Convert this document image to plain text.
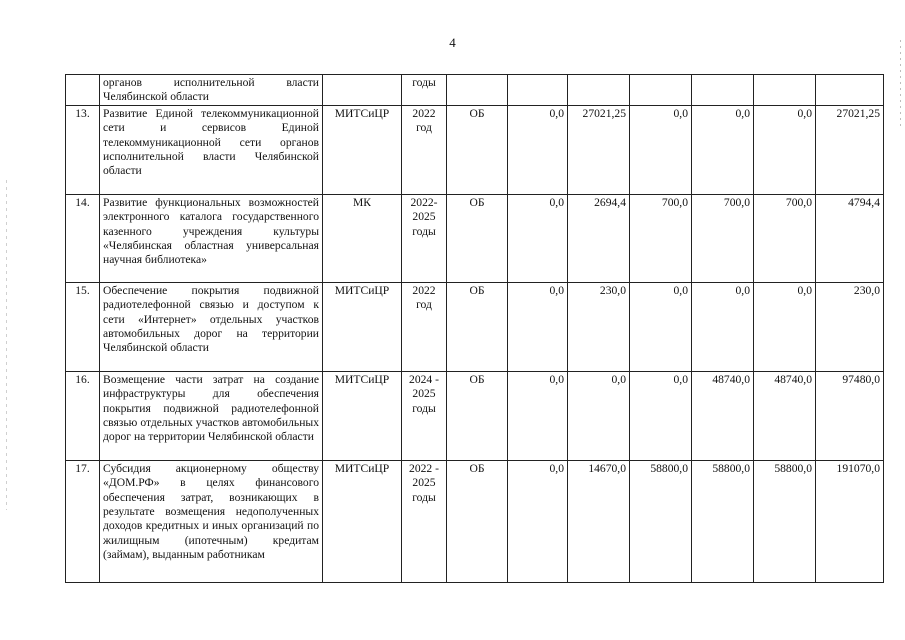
4
	органов исполнительной власти Челябинской области		годы							
13.	Развитие Единой телекоммуникационной сети и сервисов Единой телекоммуникационной сети органов исполнительной власти Челябинской области	МИТСиЦР	2022 год	ОБ	0,0	27021,25	0,0	0,0	0,0	27021,25
14.	Развитие функциональных возможностей электронного каталога государственного казенного учреждения культуры «Челябинская областная универсальная научная библиотека»	МК	2022-2025 годы	ОБ	0,0	2694,4	700,0	700,0	700,0	4794,4
15.	Обеспечение покрытия подвижной радиотелефонной связью и доступом к сети «Интернет» отдельных участков автомобильных дорог на территории Челябинской области	МИТСиЦР	2022 год	ОБ	0,0	230,0	0,0	0,0	0,0	230,0
16.	Возмещение части затрат на создание инфраструктуры для обеспечения покрытия подвижной радиотелефонной связью отдельных участков автомобильных дорог на территории Челябинской области	МИТСиЦР	2024 - 2025 годы	ОБ	0,0	0,0	0,0	48740,0	48740,0	97480,0
17.	Субсидия акционерному обществу «ДОМ.РФ» в целях финансового обеспечения затрат, возникающих в результате возмещения недополученных доходов кредитных и иных организаций по жилищным (ипотечным) кредитам (займам), выданным работникам	МИТСиЦР	2022 - 2025 годы	ОБ	0,0	14670,0	58800,0	58800,0	58800,0	191070,0
